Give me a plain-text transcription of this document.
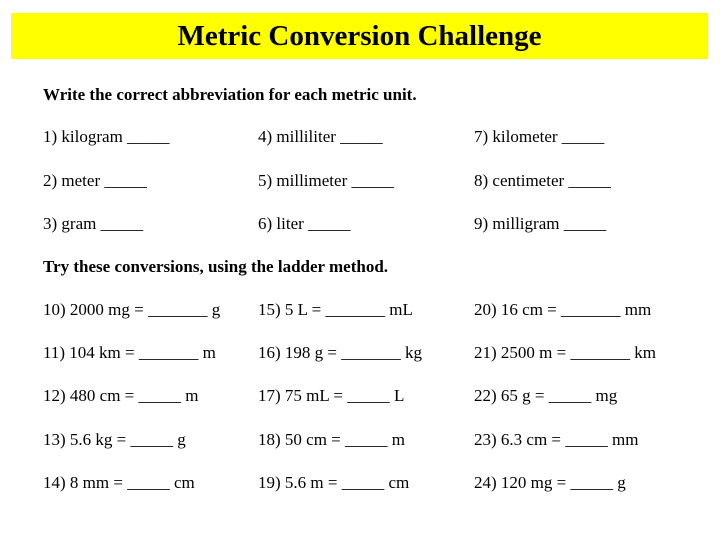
Metric Conversion Challenge
Write the correct abbreviation for each metric unit.
1) kilogram _____	4) milliliter _____	7) kilometer _____
2) meter _____	5) millimeter _____	8) centimeter _____
3) gram _____	6) liter _____	9) milligram _____
Try these conversions, using the ladder method.
10) 2000 mg = _______ g 15) 5 L = _______ mL	20) 16 cm = _______ mm
11) 104 km = _______ m 16) 198 g = _______ kg	21) 2500 m = _______ km
12) 480 cm = _____ m	17) 75 mL = _____ L	22) 65 g = _____ mg
13) 5.6 kg = _____ g	18) 50 cm = _____ m	23) 6.3 cm = _____ mm
14) 8 mm = _____ cm	19) 5.6 m = _____ cm	24) 120 mg = _____ g
